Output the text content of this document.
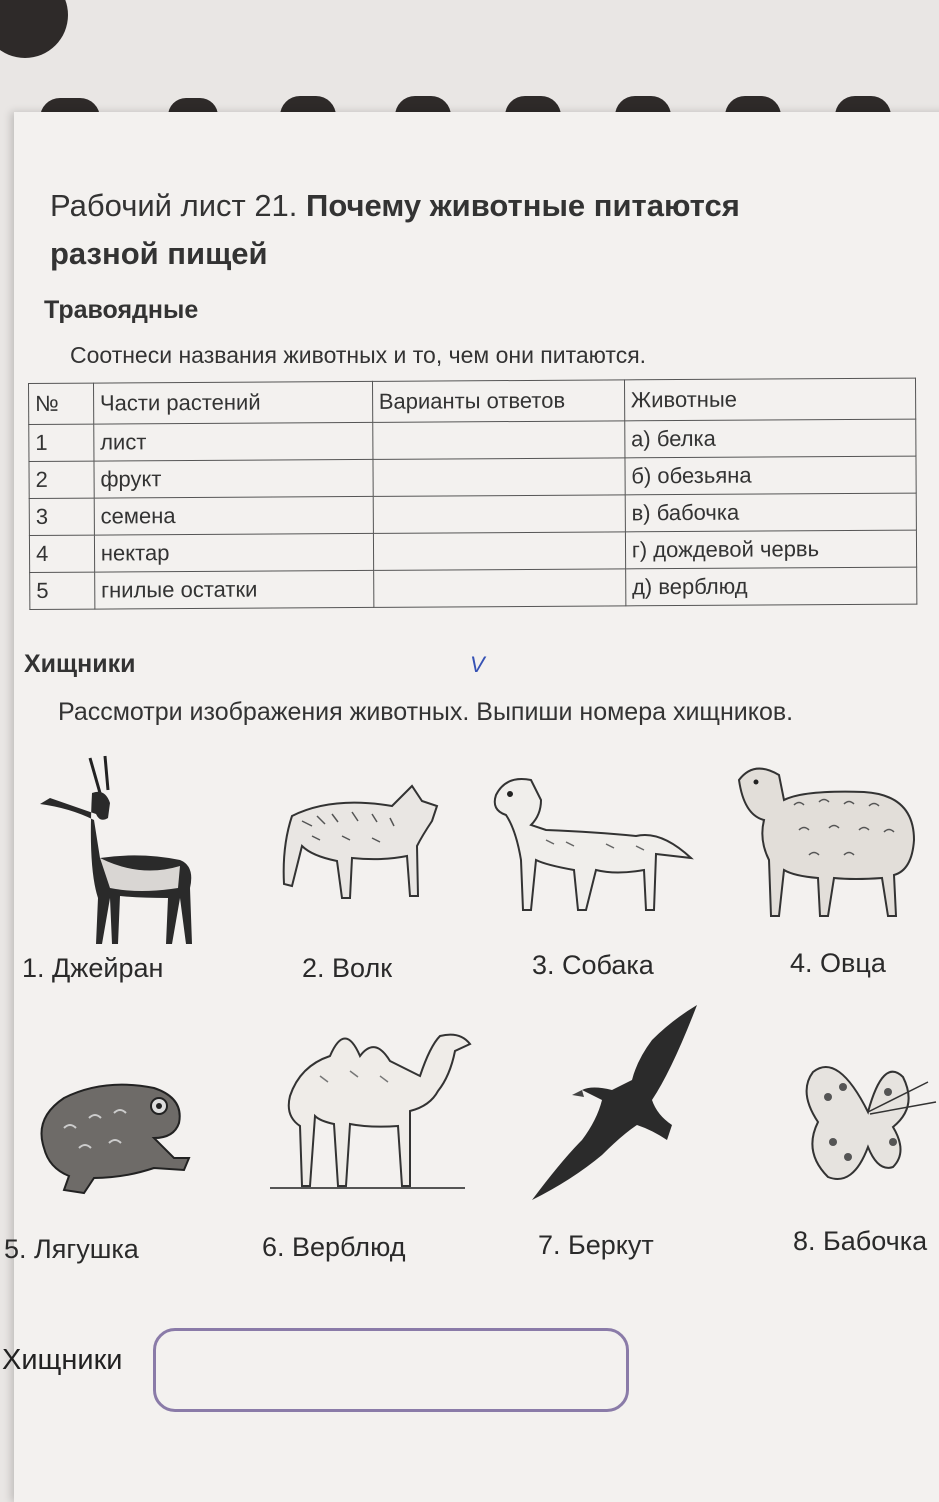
Рабочий лист 21. Почему животные питаются
разной пищей
Травоядные
Соотнеси названия животных и то, чем они питаются.
№	Части растений	Варианты ответов	Животные
1	лист		а) белка
2	фрукт		б) обезьяна
3	семена		в) бабочка
4	нектар		г) дождевой червь
5	гнилые остатки		д) верблюд
Хищники	V
Рассмотри изображения животных. Выпиши номера хищников.
1. Джейран	2. Волк	3. Собака	4. Овца
5. Лягушка	6. Верблюд	7. Беркут	8. Бабочка
Хищники
